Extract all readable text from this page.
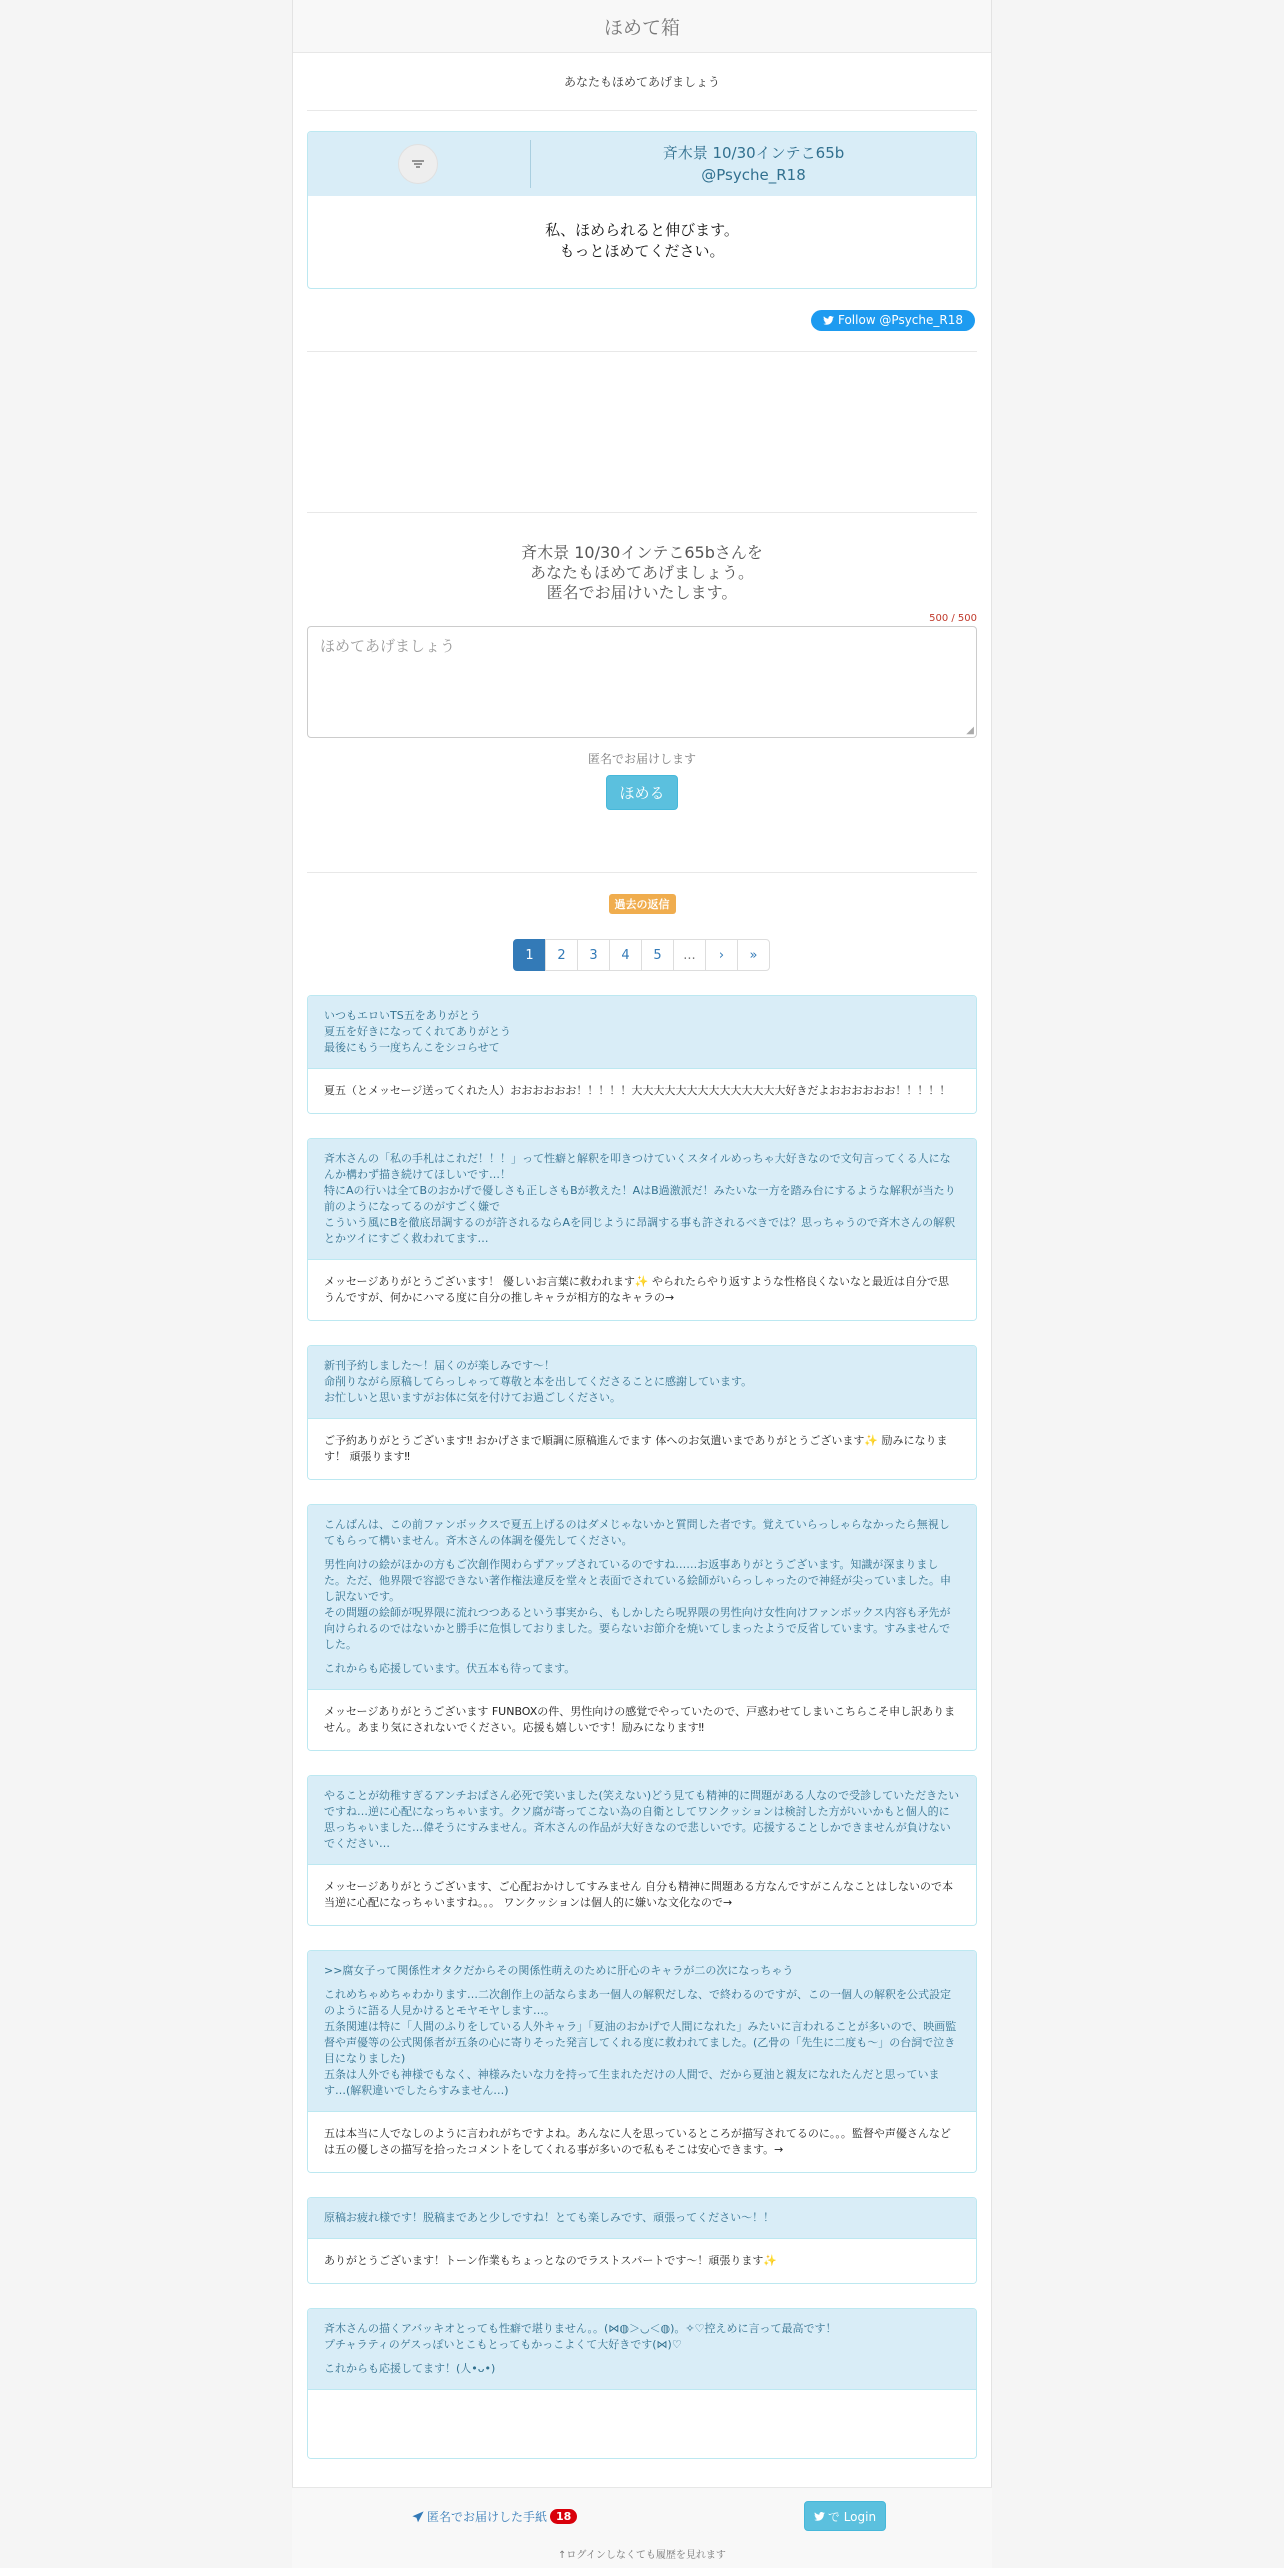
ほめて箱
あなたもほめてあげましょう
斉木景 10/30インテこ65b
@Psyche_R18
私、ほめられると伸びます。
もっとほめてください。
Follow @Psyche_R18
斉木景 10/30インテこ65bさんを
あなたもほめてあげましょう。
匿名でお届けいたします。
500 / 500
ほめてあげましょう
◢
匿名でお届けします
ほめる
過去の返信
1	2	3	4	5	...	›	»

いつもエロいTS五をありがとう
夏五を好きになってくれてありがとう
最後にもう一度ちんこをシコらせて

夏五（とメッセージ送ってくれた人）おおおおおお！！！！！大大大大大大大大大大大大大大好きだよおおおおおお！！！！！

斉木さんの「私の手札はこれだ！！！」って性癖と解釈を叩きつけていくスタイルめっちゃ大好きなので文句言ってくる人になんか構わず描き続けてほしいです…！
特にAの行いは全てBのおかげで優しさも正しさもBが教えた！AはB過激派だ！みたいな一方を踏み台にするような解釈が当たり前のようになってるのがすごく嫌で
こういう風にBを徹底昂調するのが許されるならAを同じように昂調する事も許されるべきでは？思っちゃうので斉木さんの解釈とかツイにすごく救われてます…

メッセージありがとうございます！ 優しいお言葉に救われます✨ やられたらやり返すような性格良くないなと最近は自分で思うんですが、何かにハマる度に自分の推しキャラが相方的なキャラの→

新刊予約しました〜！届くのが楽しみです〜！
命削りながら原稿してらっしゃって尊敬と本を出してくださることに感謝しています。
お忙しいと思いますがお体に気を付けてお過ごしください。

ご予約ありがとうございます‼ おかげさまで順調に原稿進んでます 体へのお気遣いまでありがとうございます✨ 励みになります！ 頑張ります‼

こんばんは、この前ファンボックスで夏五上げるのはダメじゃないかと質問した者です。覚えていらっしゃらなかったら無視してもらって構いません。斉木さんの体調を優先してください。

男性向けの絵がほかの方もご次創作関わらずアップされているのですね……お返事ありがとうございます。知識が深まりました。ただ、他界隈で容認できない著作権法違反を堂々と表面でされている絵師がいらっしゃったので神経が尖っていました。申し訳ないです。
その問題の絵師が呪界隈に流れつつあるという事実から、もしかしたら呪界隈の男性向け女性向けファンボックス内容も矛先が向けられるのではないかと勝手に危惧しておりました。要らないお節介を焼いてしまったようで反省しています。すみませんでした。

これからも応援しています。伏五本も待ってます。

メッセージありがとうございます FUNBOXの件、男性向けの感覚でやっていたので、戸惑わせてしまいこちらこそ申し訳ありません。あまり気にされないでください。応援も嬉しいです！励みになります‼

やることが幼稚すぎるアンチおばさん必死で笑いました(笑えない)どう見ても精神的に問題がある人なので受診していただきたいですね…逆に心配になっちゃいます。クソ腐が寄ってこない為の自衛としてワンクッションは検討した方がいいかもと個人的に思っちゃいました…偉そうにすみません。斉木さんの作品が大好きなので悲しいです。応援することしかできませんが負けないでください…

メッセージありがとうございます、ご心配おかけしてすみません 自分も精神に問題ある方なんですがこんなことはしないので本当逆に心配になっちゃいますね。。。 ワンクッションは個人的に嫌いな文化なので→

>>腐女子って関係性オタクだからその関係性萌えのために肝心のキャラが二の次になっちゃう

これめちゃめちゃわかります…二次創作上の話ならまあ一個人の解釈だしな、で終わるのですが、この一個人の解釈を公式設定のように語る人見かけるとモヤモヤします…。
五条関連は特に「人間のふりをしている人外キャラ」「夏油のおかげで人間になれた」みたいに言われることが多いので、映画監督や声優等の公式関係者が五条の心に寄りそった発言してくれる度に救われてました。(乙骨の「先生に二度も～」の台詞で泣き目になりました)
五条は人外でも神様でもなく、神様みたいな力を持って生まれただけの人間で、だから夏油と親友になれたんだと思っています…(解釈違いでしたらすみません…)

五は本当に人でなしのように言われがちですよね。あんなに人を思っているところが描写されてるのに。。。監督や声優さんなどは五の優しさの描写を拾ったコメントをしてくれる事が多いので私もそこは安心できます。→

原稿お疲れ様です！脱稿まであと少しですね！とても楽しみです、頑張ってください〜！！

ありがとうございます！トーン作業もちょっとなのでラストスパートです〜！頑張ります✨

斉木さんの描くアバッキオとっても性癖で堪りません。。(⋈◍＞◡＜◍)。✧♡控えめに言って最高です！
プチャラティのゲスっぽいとこもとってもかっこよくて大好きです(⋈)♡

これからも応援してます！(人•ᴗ•)

匿名でお届けした手紙 18	で Login
↑ログインしなくても履歴を見れます
